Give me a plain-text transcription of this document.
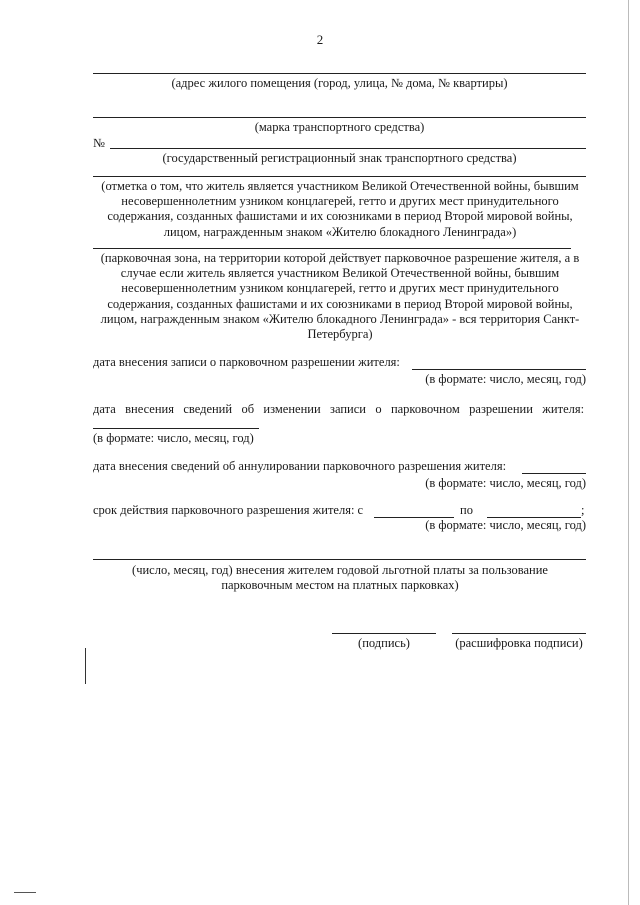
2
(адрес жилого помещения (город, улица, № дома, № квартиры)
(марка транспортного средства)
№
(государственный регистрационный знак транспортного средства)
(отметка о том, что житель является участником Великой Отечественной войны, бывшим
несовершеннолетним узником концлагерей, гетто и других мест принудительного
содержания, созданных фашистами и их союзниками в период Второй мировой войны,
лицом, награжденным знаком «Жителю блокадного Ленинграда»)
(парковочная зона, на территории которой действует парковочное разрешение жителя, а в
случае если житель является участником Великой Отечественной войны, бывшим
несовершеннолетним узником концлагерей, гетто и других мест принудительного
содержания, созданных фашистами и их союзниками в период Второй мировой войны,
лицом, награжденным знаком «Жителю блокадного Ленинграда» - вся территория Санкт-
Петербурга)
дата внесения записи о парковочном разрешении жителя:
(в формате: число, месяц, год)
дата   внесения   сведений   об   изменении   записи   о   парковочном   разрешении   жителя:
(в формате: число, месяц, год)
дата внесения сведений об аннулировании парковочного разрешения жителя:
(в формате: число, месяц, год)
срок действия парковочного разрешения жителя: с	по	;
(в формате: число, месяц, год)
(число, месяц, год) внесения жителем годовой льготной платы за пользование
парковочным местом на платных парковках)
(подпись)	(расшифровка подписи)
